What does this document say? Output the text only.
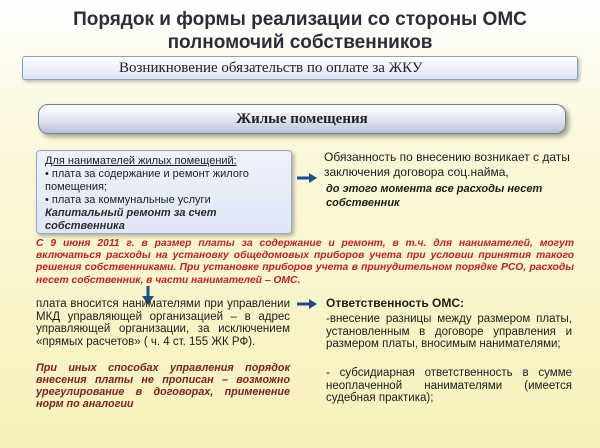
Порядок и формы реализации со стороны ОМС
полномочий собственников
Возникновение обязательств по оплате за ЖКУ
Жилые помещения
Для нанимателей жилых помещений:
• плата за содержание и ремонт жилого помещения;
• плата за коммунальные услуги
Капитальный ремонт за счет собственника
Обязанность по внесению возникает с даты заключения договора соц.найма,
до этого момента все расходы несет собственник
С 9 июня 2011 г. в размер платы за содержание и ремонт, в т.ч. для нанимателей, могут включаться расходы на установку общедомовых приборов учета при условии принятия такого решения собственниками. При установке приборов учета в принудительном порядке РСО, расходы несет собственник, в части нанимателей – ОМС.
плата вносится нанимателями при управлении МКД управляющей организацией – в адрес управляющей организации, за исключением «прямых расчетов» ( ч. 4 ст. 155 ЖК РФ).
При иных способах управления порядок внесения платы не прописан – возможно урегулирование в договорах, применение норм по аналогии
Ответственность ОМС:
-внесение разницы между размером платы, установленным в договоре управления и размером платы, вносимым нанимателями;
- субсидиарная ответственность в сумме неоплаченной нанимателями (имеется судебная практика);
